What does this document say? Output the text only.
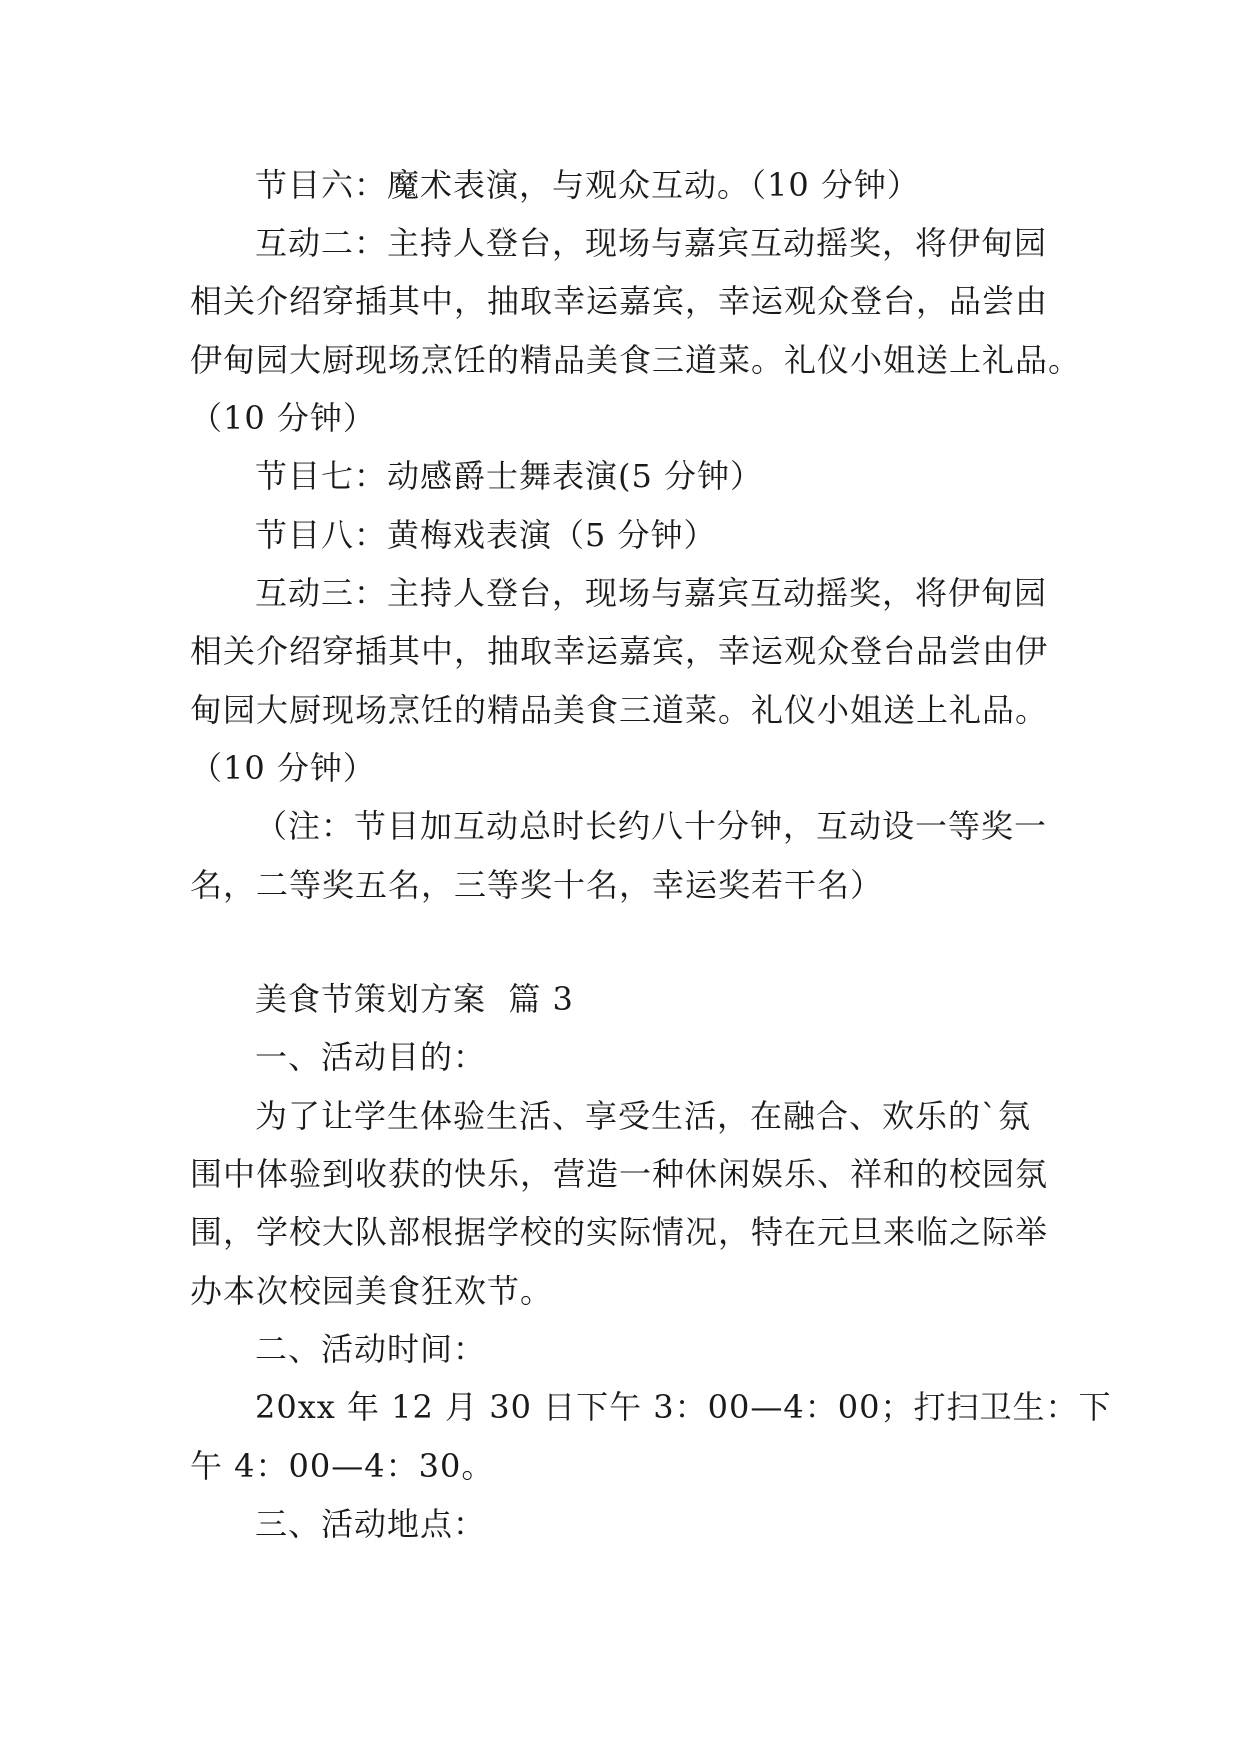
节目六：魔术表演，与观众互动。（10 分钟）
互动二：主持人登台，现场与嘉宾互动摇奖，将伊甸园
相关介绍穿插其中，抽取幸运嘉宾，幸运观众登台，品尝由
伊甸园大厨现场烹饪的精品美食三道菜。礼仪小姐送上礼品。
（10 分钟）
节目七：动感爵士舞表演(5 分钟）
节目八：黄梅戏表演（5 分钟）
互动三：主持人登台，现场与嘉宾互动摇奖，将伊甸园
相关介绍穿插其中，抽取幸运嘉宾，幸运观众登台品尝由伊
甸园大厨现场烹饪的精品美食三道菜。礼仪小姐送上礼品。
（10 分钟）
（注：节目加互动总时长约八十分钟，互动设一等奖一
名，二等奖五名，三等奖十名，幸运奖若干名）
美食节策划方案  篇 3
一、活动目的：
为了让学生体验生活、享受生活，在融合、欢乐的`氛
围中体验到收获的快乐，营造一种休闲娱乐、祥和的校园氛
围，学校大队部根据学校的实际情况，特在元旦来临之际举
办本次校园美食狂欢节。
二、活动时间：
20xx 年 12 月 30 日下午 3：00—4：00；打扫卫生：下
午 4：00—4：30。
三、活动地点：
